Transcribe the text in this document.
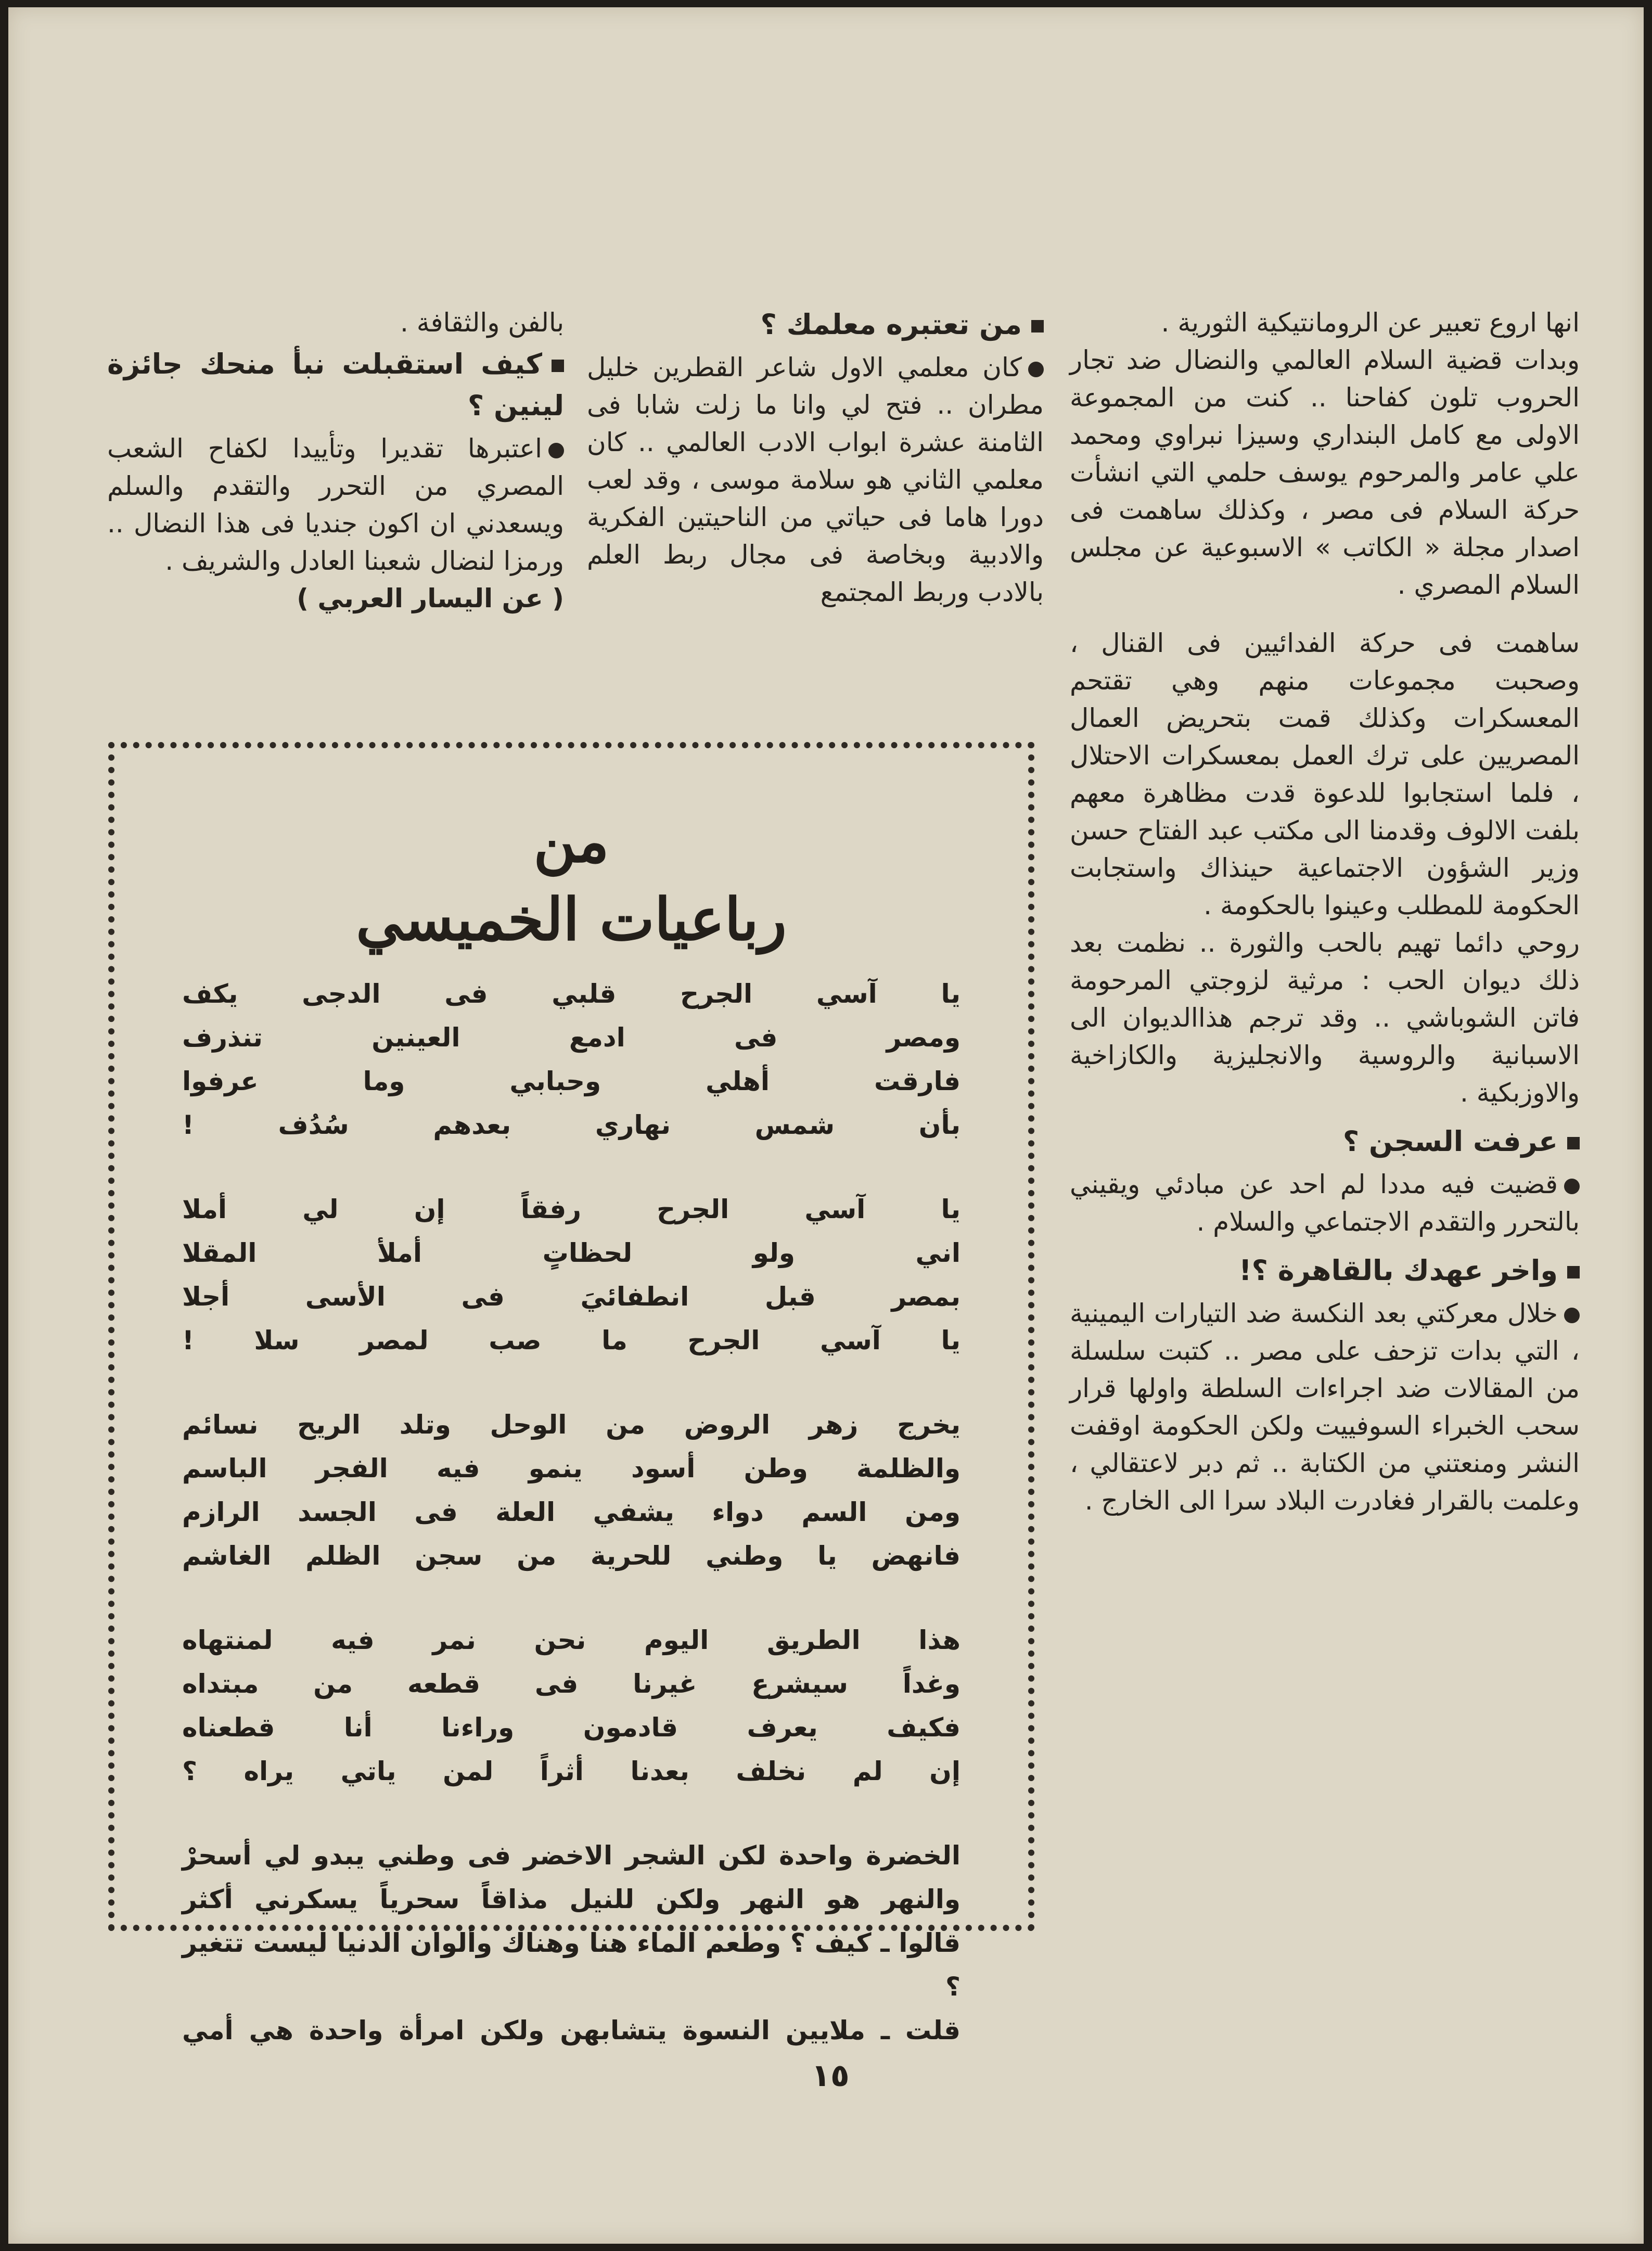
انها اروع تعبير عن الرومانتيكية الثورية .

وبدات قضية السلام العالمي والنضال ضد تجار الحروب تلون كفاحنا .. كنت من المجموعة الاولى مع كامل البنداري وسيزا نبراوي ومحمد علي عامر والمرحوم يوسف حلمي التي انشأت حركة السلام فى مصر ، وكذلك ساهمت فى اصدار مجلة « الكاتب » الاسبوعية عن مجلس السلام المصري .

ساهمت فى حركة الفدائيين فى القنال ، وصحبت مجموعات منهم وهي تقتحم المعسكرات وكذلك قمت بتحريض العمال المصريين على ترك العمل بمعسكرات الاحتلال ، فلما استجابوا للدعوة قدت مظاهرة معهم بلفت الالوف وقدمنا الى مكتب عبد الفتاح حسن وزير الشؤون الاجتماعية حينذاك واستجابت الحكومة للمطلب وعينوا بالحكومة .

روحي دائما تهيم بالحب والثورة .. نظمت بعد ذلك ديوان الحب : مرثية لزوجتي المرحومة فاتن الشوباشي .. وقد ترجم هذاالديوان الى الاسبانية والروسية والانجليزية والكازاخية والاوزبكية .

عرفت السجن ؟

قضيت فيه مددا لم احد عن مبادئي ويقيني بالتحرر والتقدم الاجتماعي والسلام .

واخر عهدك بالقاهرة ؟!

خلال معركتي بعد النكسة ضد التيارات اليمينية ، التي بدات تزحف على مصر .. كتبت سلسلة من المقالات ضد اجراءات السلطة واولها قرار سحب الخبراء السوفييت ولكن الحكومة اوقفت النشر ومنعتني من الكتابة .. ثم دبر لاعتقالي ، وعلمت بالقرار فغادرت البلاد سرا الى الخارج .

من تعتبره معلمك ؟

كان معلمي الاول شاعر القطرين خليل مطران .. فتح لي وانا ما زلت شابا فى الثامنة عشرة ابواب الادب العالمي .. كان معلمي الثاني هو سلامة موسى ، وقد لعب دورا هاما فى حياتي من الناحيتين الفكرية والادبية وبخاصة فى مجال ربط العلم بالادب وربط المجتمع

بالفن والثقافة .

كيف استقبلت نبأ منحك جائزة لينين ؟

اعتبرها تقديرا وتأييدا لكفاح الشعب المصري من التحرر والتقدم والسلم ويسعدني ان اكون جنديا فى هذا النضال .. ورمزا لنضال شعبنا العادل والشريف .

( عن اليسار العربي )

من
رباعيات الخميسي
يا آسي الجرح قلبي فى الدجى يكف
ومصر فى ادمع العينين تنذرف
فارقت أهلي وحبابي وما عرفوا
بأن شمس نهاري بعدهم سُدُف !
يا آسي الجرح رفقاً إن لي أملا
اني ولو لحظاتٍ أملأ المقلا
بمصر قبل انطفائيَ فى الأسى أجلا
يا آسي الجرح ما صب لمصر سلا !
يخرج زهر الروض من الوحل وتلد الريح نسائم
والظلمة وطن أسود ينمو فيه الفجر الباسم
ومن السم دواء يشفي العلة فى الجسد الرازم
فانهض يا وطني للحرية من سجن الظلم الغاشم
هذا الطريق اليوم نحن نمر فيه لمنتهاه
وغداً سيشرع غيرنا فى قطعه من مبتداه
فكيف يعرف قادمون وراءنا أنا قطعناه
إن لم نخلف بعدنا أثراً لمن ياتي يراه ؟
الخضرة واحدة لكن الشجر الاخضر فى وطني يبدو لي أسحرْ
والنهر هو النهر ولكن للنيل مذاقاً سحرياً يسكرني أكثر
قالوا ـ كيف ؟ وطعم الماء هنا وهناك وألوان الدنيا ليست تتغير ؟
قلت ـ ملايين النسوة يتشابهن ولكن امرأة واحدة هي أمي
١٥
